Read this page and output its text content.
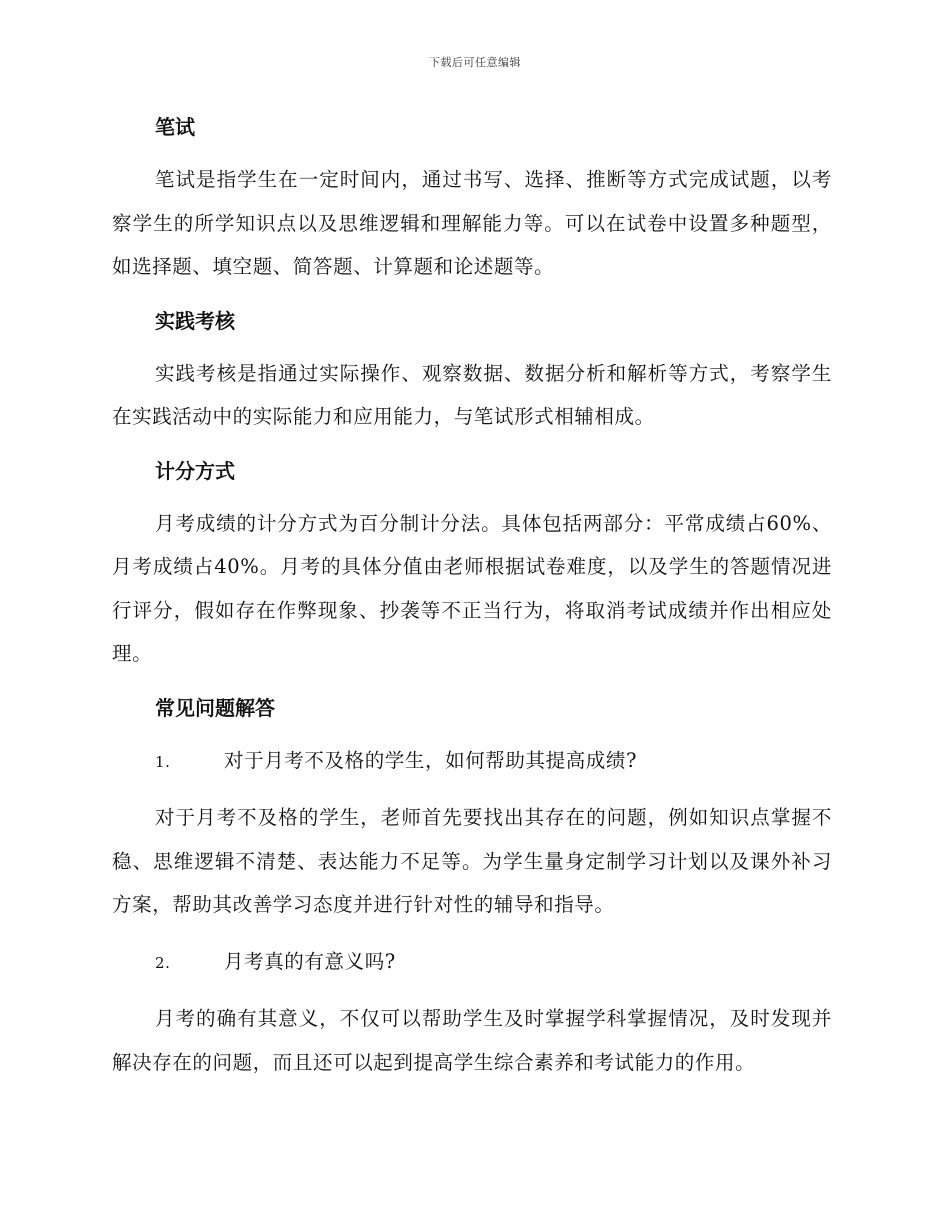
下载后可任意编辑
笔试

笔试是指学生在一定时间内，通过书写、选择、推断等方式完成试题，以考察学生的所学知识点以及思维逻辑和理解能力等。可以在试卷中设置多种题型，如选择题、填空题、简答题、计算题和论述题等。

实践考核

实践考核是指通过实际操作、观察数据、数据分析和解析等方式，考察学生在实践活动中的实际能力和应用能力，与笔试形式相辅相成。

计分方式

月考成绩的计分方式为百分制计分法。具体包括两部分：平常成绩占60%、月考成绩占40%。月考的具体分值由老师根据试卷难度，以及学生的答题情况进行评分，假如存在作弊现象、抄袭等不正当行为，将取消考试成绩并作出相应处理。

常见问题解答
1.	对于月考不及格的学生，如何帮助其提高成绩?

对于月考不及格的学生，老师首先要找出其存在的问题，例如知识点掌握不稳、思维逻辑不清楚、表达能力不足等。为学生量身定制学习计划以及课外补习方案，帮助其改善学习态度并进行针对性的辅导和指导。

2.	月考真的有意义吗?

月考的确有其意义，不仅可以帮助学生及时掌握学科掌握情况，及时发现并解决存在的问题，而且还可以起到提高学生综合素养和考试能力的作用。
